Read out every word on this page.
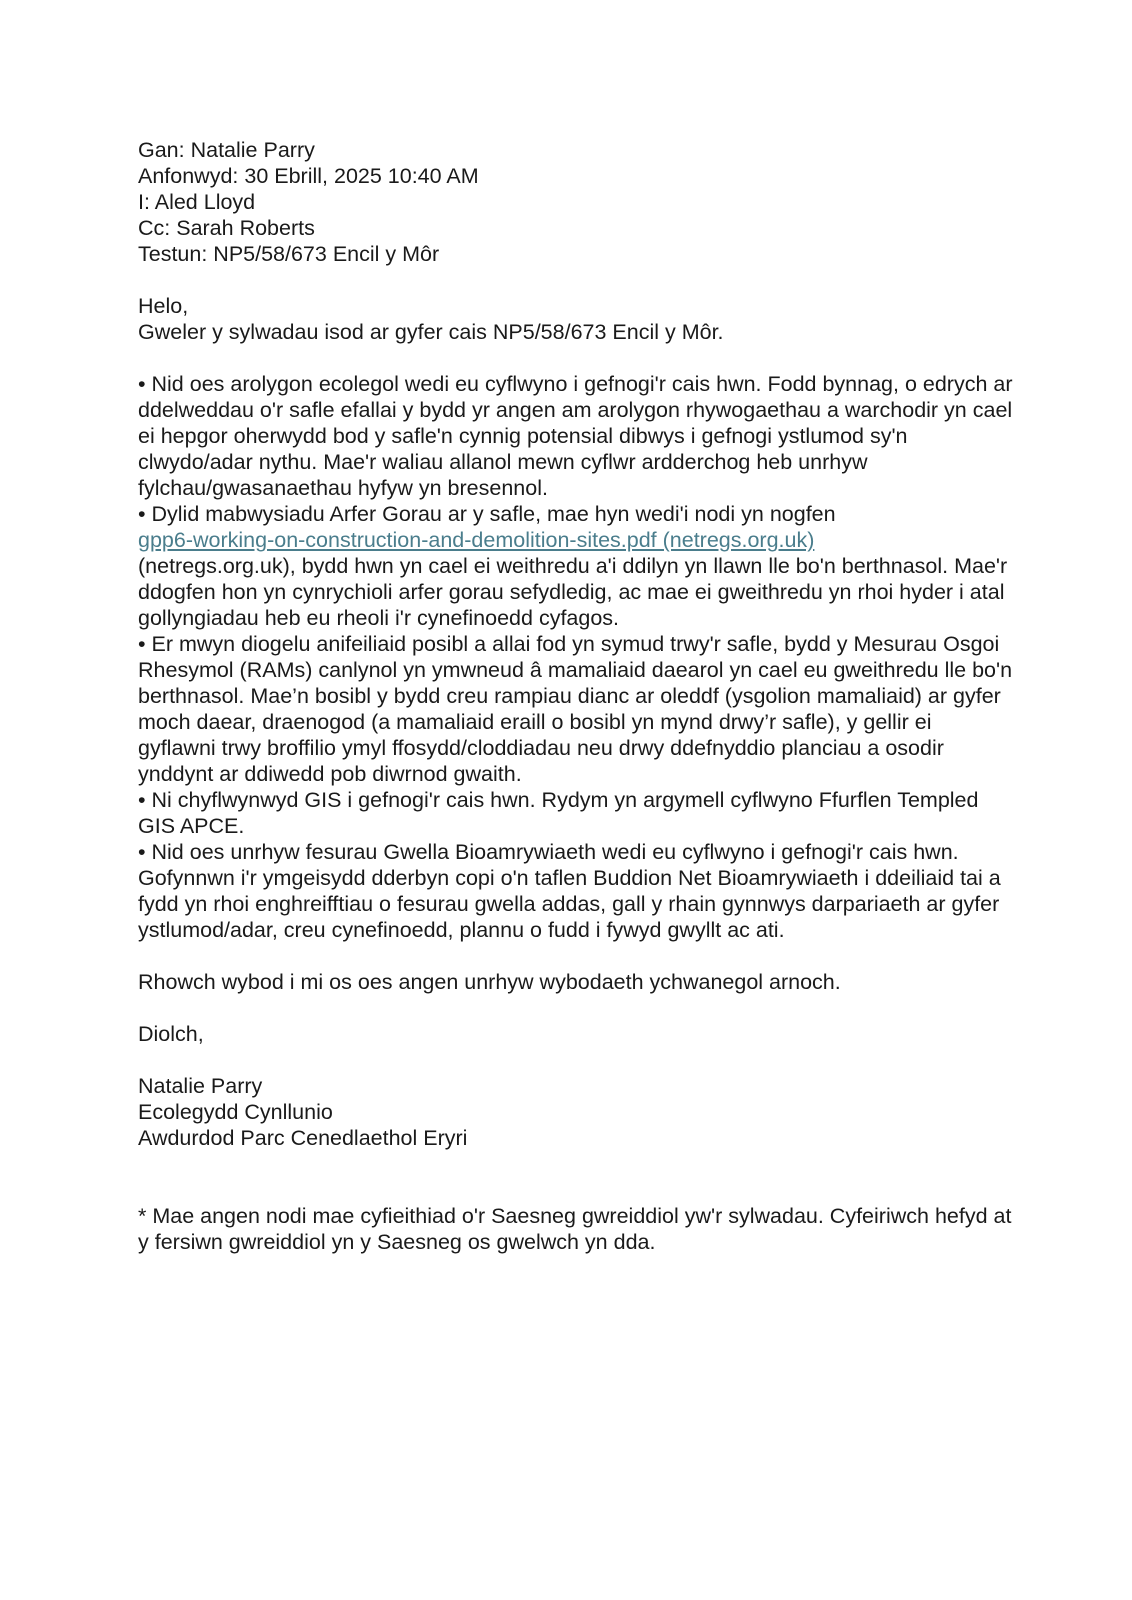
Gan: Natalie Parry
Anfonwyd: 30 Ebrill, 2025 10:40 AM
I: Aled Lloyd
Cc: Sarah Roberts
Testun: NP5/58/673 Encil y Môr
Helo,
Gweler y sylwadau isod ar gyfer cais NP5/58/673 Encil y Môr.

• Nid oes arolygon ecolegol wedi eu cyflwyno i gefnogi'r cais hwn. Fodd bynnag, o edrych ar ddelweddau o'r safle efallai y bydd yr angen am arolygon rhywogaethau a warchodir yn cael ei hepgor oherwydd bod y safle'n cynnig potensial dibwys i gefnogi ystlumod sy'n clwydo/adar nythu. Mae'r waliau allanol mewn cyflwr ardderchog heb unrhyw fylchau/gwasanaethau hyfyw yn bresennol.

• Dylid mabwysiadu Arfer Gorau ar y safle, mae hyn wedi'i nodi yn nogfen
gpp6-working-on-construction-and-demolition-sites.pdf (netregs.org.uk)
(netregs.org.uk), bydd hwn yn cael ei weithredu a'i ddilyn yn llawn lle bo'n berthnasol. Mae'r ddogfen hon yn cynrychioli arfer gorau sefydledig, ac mae ei gweithredu yn rhoi hyder i atal gollyngiadau heb eu rheoli i'r cynefinoedd cyfagos.

• Er mwyn diogelu anifeiliaid posibl a allai fod yn symud trwy'r safle, bydd y Mesurau Osgoi Rhesymol (RAMs) canlynol yn ymwneud â mamaliaid daearol yn cael eu gweithredu lle bo'n berthnasol. Mae’n bosibl y bydd creu rampiau dianc ar oleddf (ysgolion mamaliaid) ar gyfer moch daear, draenogod (a mamaliaid eraill o bosibl yn mynd drwy’r safle), y gellir ei gyflawni trwy broffilio ymyl ffosydd/cloddiadau neu drwy ddefnyddio planciau a osodir ynddynt ar ddiwedd pob diwrnod gwaith.

• Ni chyflwynwyd GIS i gefnogi'r cais hwn. Rydym yn argymell cyflwyno Ffurflen Templed GIS APCE.

• Nid oes unrhyw fesurau Gwella Bioamrywiaeth wedi eu cyflwyno i gefnogi'r cais hwn. Gofynnwn i'r ymgeisydd dderbyn copi o'n taflen Buddion Net Bioamrywiaeth i ddeiliaid tai a fydd yn rhoi enghreifftiau o fesurau gwella addas, gall y rhain gynnwys darpariaeth ar gyfer ystlumod/adar, creu cynefinoedd, plannu o fudd i fywyd gwyllt ac ati.

Rhowch wybod i mi os oes angen unrhyw wybodaeth ychwanegol arnoch.
Diolch,
Natalie Parry
Ecolegydd Cynllunio
Awdurdod Parc Cenedlaethol Eryri

* Mae angen nodi mae cyfieithiad o'r Saesneg gwreiddiol yw'r sylwadau. Cyfeiriwch hefyd at y fersiwn gwreiddiol yn y Saesneg os gwelwch yn dda.
